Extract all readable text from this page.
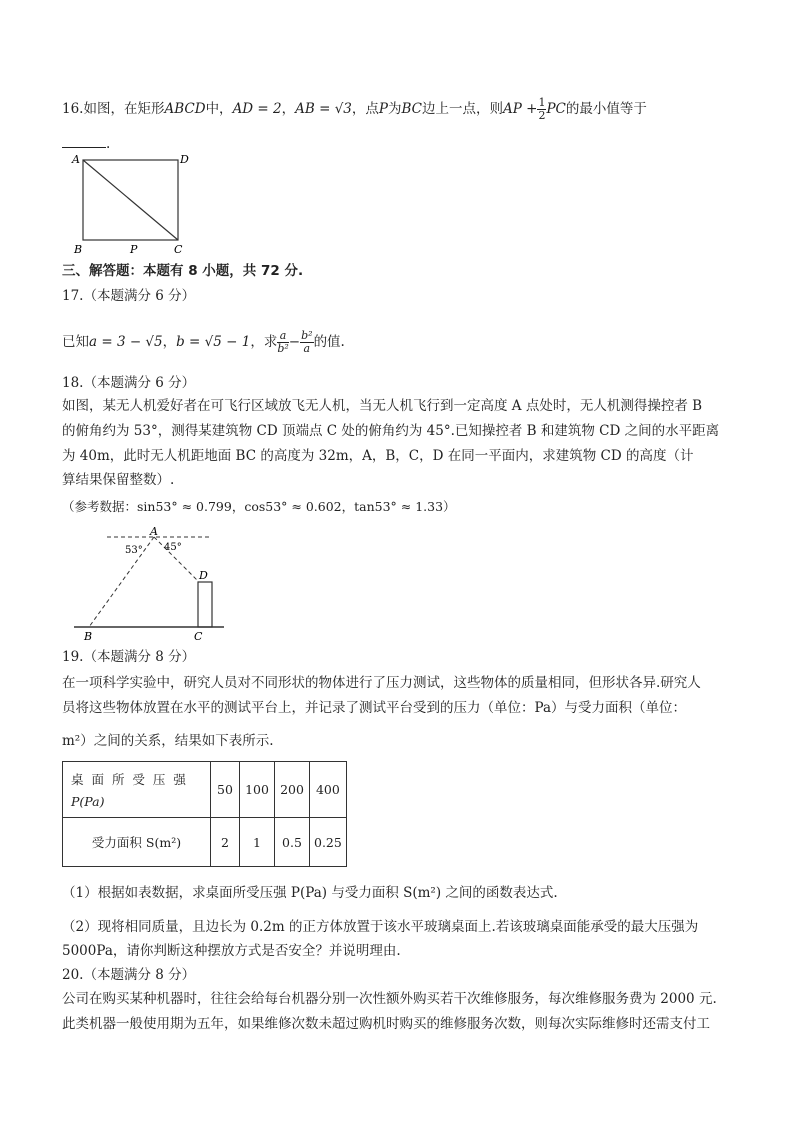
16.如图，在矩形ABCD中，AD = 2，AB = √3，点P为BC边上一点，则AP + $\frac{1}{2}$ PC的最小值等于
.
A	D
B	P	C
三、解答题：本题有 8 小题，共 72 分.
17.（本题满分 6 分）
已知a = 3 − √5，b = √5 − 1，求 $\frac{a}{\text{b²}} - \frac{\text{b²}}{a}$ 的值.
18.（本题满分 6 分）
如图，某无人机爱好者在可飞行区域放飞无人机，当无人机飞行到一定高度 A 点处时，无人机测得操控者 B
的俯角约为 53°，测得某建筑物 CD 顶端点 C 处的俯角约为 45°.已知操控者 B 和建筑物 CD 之间的水平距离
为 40m，此时无人机距地面 BC 的高度为 32m，A，B，C，D 在同一平面内，求建筑物 CD 的高度（计
算结果保留整数）.
（参考数据：sin53° ≈ 0.799，cos53° ≈ 0.602，tan53° ≈ 1.33）
A
53° 45°
D
B	C
19.（本题满分 8 分）
在一项科学实验中，研究人员对不同形状的物体进行了压力测试，这些物体的质量相同，但形状各异.研究人
员将这些物体放置在水平的测试平台上，并记录了测试平台受到的压力（单位：Pa）与受力面积（单位：
m²）之间的关系，结果如下表所示.
桌 面 所 受 压 强
P(Pa)	50	100	200	400
受力面积 S(m²)	2	1	0.5	0.25
（1）根据如表数据，求桌面所受压强 P(Pa) 与受力面积 S(m²) 之间的函数表达式.
（2）现将相同质量，且边长为 0.2m 的正方体放置于该水平玻璃桌面上.若该玻璃桌面能承受的最大压强为
5000Pa，请你判断这种摆放方式是否安全？并说明理由.
20.（本题满分 8 分）
公司在购买某种机器时，往往会给每台机器分别一次性额外购买若干次维修服务，每次维修服务费为 2000 元.
此类机器一般使用期为五年，如果维修次数未超过购机时购买的维修服务次数，则每次实际维修时还需支付工
